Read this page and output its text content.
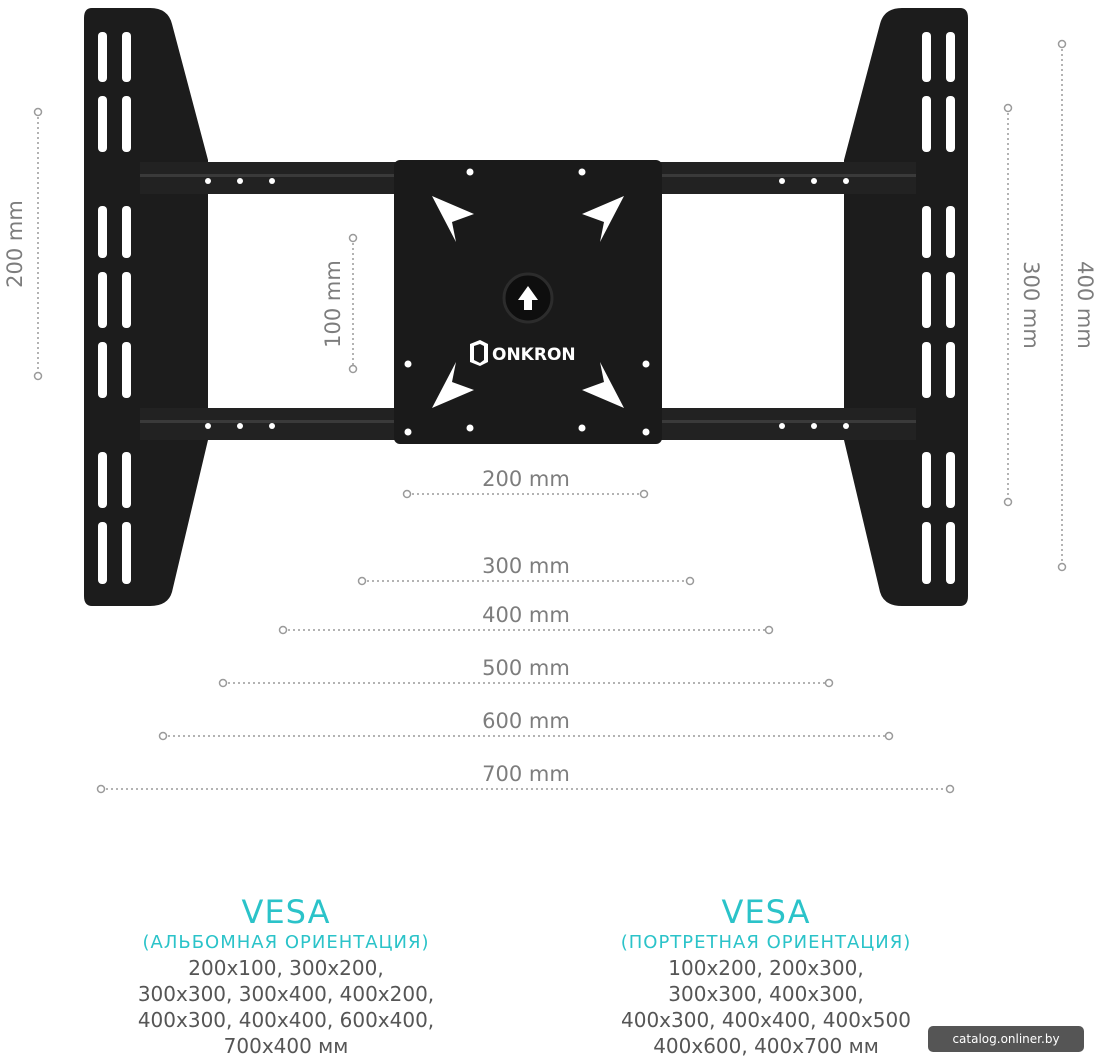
ONKRON
200 mm
300 mm
400 mm
500 mm
600 mm
700 mm
200 mm
100 mm	300 mm 400 mm
VESA
(АЛЬБОМНАЯ ОРИЕНТАЦИЯ)
200x100, 300x200,
300x300, 300x400, 400x200,
400x300, 400x400, 600x400,
700x400 мм
VESA
(ПОРТРЕТНАЯ ОРИЕНТАЦИЯ)
100x200, 200x300,
300x300, 400x300,
400x300, 400x400, 400x500
400x600, 400x700 мм	catalog.onliner.by
